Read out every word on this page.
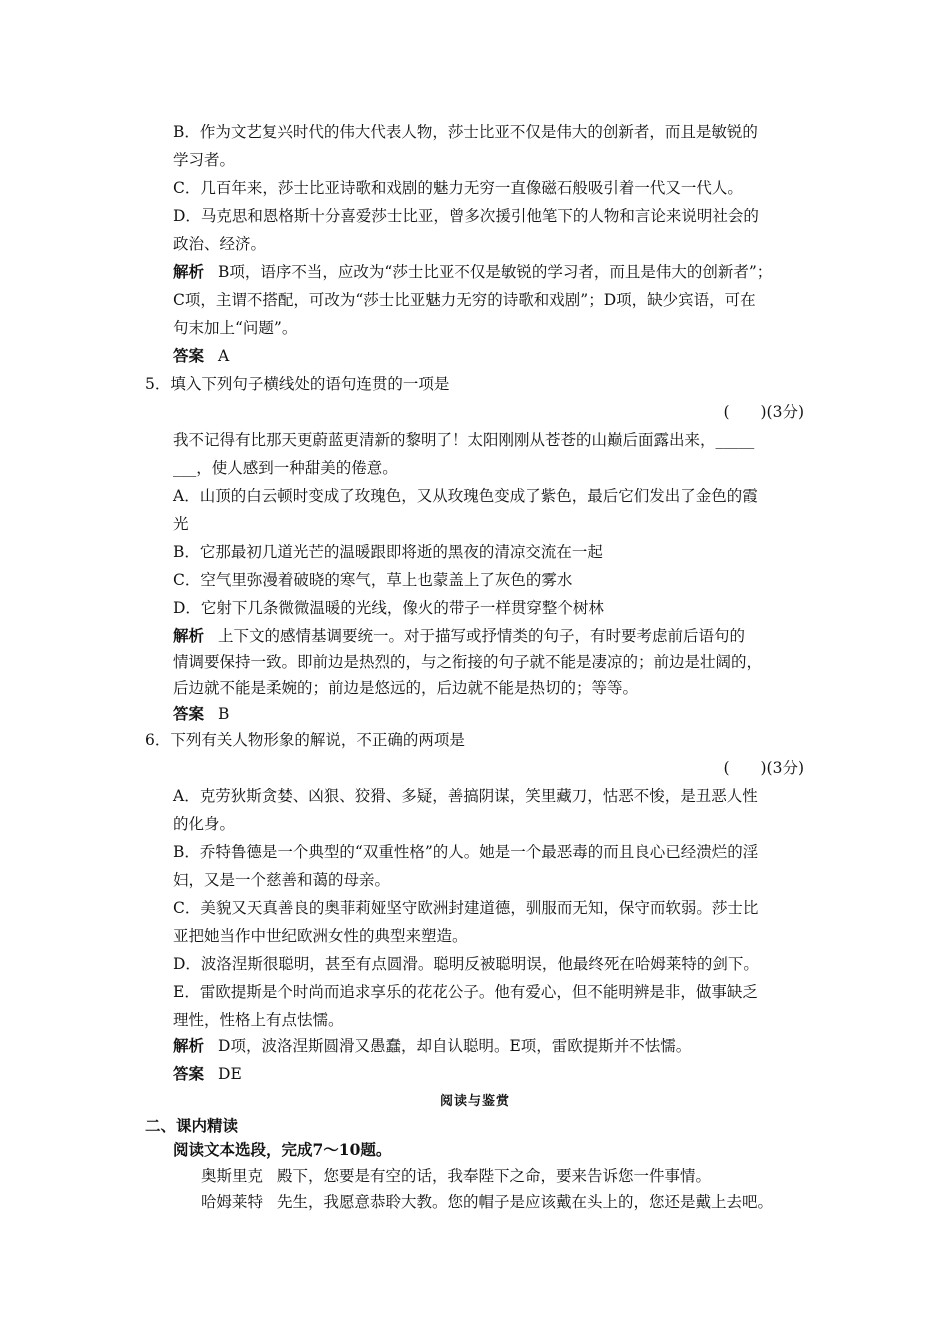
B．作为文艺复兴时代的伟大代表人物，莎士比亚不仅是伟大的创新者，而且是敏锐的
学习者。
C．几百年来，莎士比亚诗歌和戏剧的魅力无穷一直像磁石般吸引着一代又一代人。
D．马克思和恩格斯十分喜爱莎士比亚，曾多次援引他笔下的人物和言论来说明社会的
政治、经济。
解析 B项，语序不当，应改为“莎士比亚不仅是敏锐的学习者，而且是伟大的创新者”；
C项，主谓不搭配，可改为“莎士比亚魅力无穷的诗歌和戏剧”；D项，缺少宾语，可在
句末加上“问题”。
答案 A
5．填入下列句子横线处的语句连贯的一项是
(　　)(3分)
我不记得有比那天更蔚蓝更清新的黎明了！太阳刚刚从苍苍的山巅后面露出来，_____
___，使人感到一种甜美的倦意。
A．山顶的白云顿时变成了玫瑰色，又从玫瑰色变成了紫色，最后它们发出了金色的霞
光
B．它那最初几道光芒的温暖跟即将逝的黑夜的清凉交流在一起
C．空气里弥漫着破晓的寒气，草上也蒙盖上了灰色的雾水
D．它射下几条微微温暖的光线，像火的带子一样贯穿整个树林
解析 上下文的感情基调要统一。对于描写或抒情类的句子，有时要考虑前后语句的
情调要保持一致。即前边是热烈的，与之衔接的句子就不能是凄凉的；前边是壮阔的，
后边就不能是柔婉的；前边是悠远的，后边就不能是热切的；等等。
答案 B
6．下列有关人物形象的解说，不正确的两项是
(　　)(3分)
A．克劳狄斯贪婪、凶狠、狡猾、多疑，善搞阴谋，笑里藏刀，怙恶不悛，是丑恶人性
的化身。
B．乔特鲁德是一个典型的“双重性格”的人。她是一个最恶毒的而且良心已经溃烂的淫
妇，又是一个慈善和蔼的母亲。
C．美貌又天真善良的奥菲莉娅坚守欧洲封建道德，驯服而无知，保守而软弱。莎士比
亚把她当作中世纪欧洲女性的典型来塑造。
D．波洛涅斯很聪明，甚至有点圆滑。聪明反被聪明误，他最终死在哈姆莱特的剑下。
E．雷欧提斯是个时尚而追求享乐的花花公子。他有爱心，但不能明辨是非，做事缺乏
理性，性格上有点怯懦。
解析 D项，波洛涅斯圆滑又愚蠢，却自认聪明。E项，雷欧提斯并不怯懦。
答案 DE
阅读与鉴赏
二、课内精读
阅读文本选段，完成7～10题。
奥斯里克 殿下，您要是有空的话，我奉陛下之命，要来告诉您一件事情。
哈姆莱特 先生，我愿意恭聆大教。您的帽子是应该戴在头上的，您还是戴上去吧。
